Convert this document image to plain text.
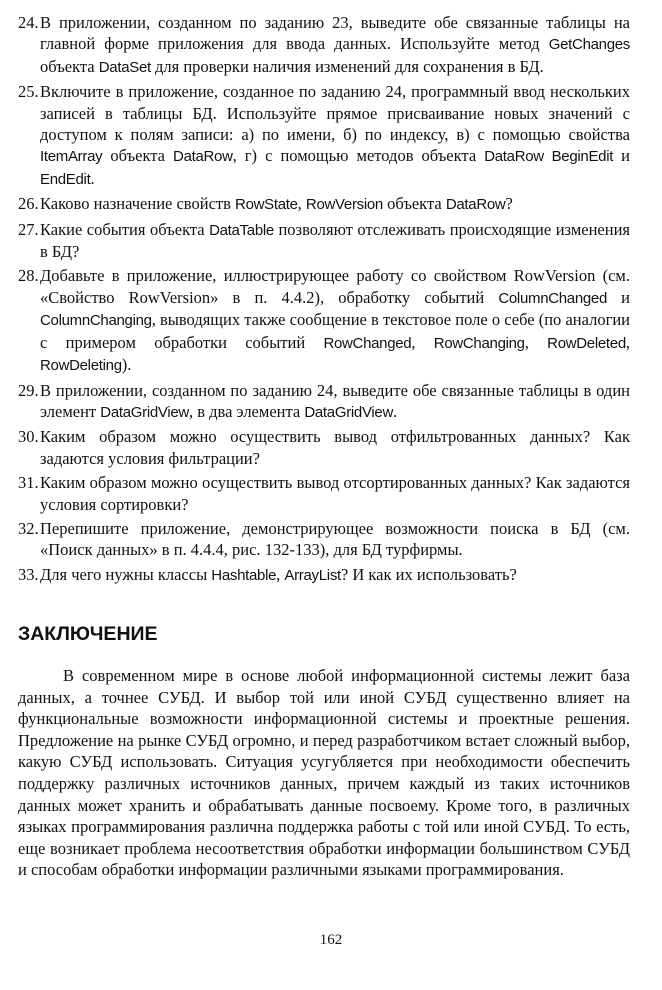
24. В приложении, созданном по заданию 23, выведите обе связанные таблицы на главной форме приложения для ввода данных. Используйте метод GetChanges объекта DataSet для проверки наличия изменений для сохранения в БД.
25. Включите в приложение, созданное по заданию 24, программный ввод нескольких записей в таблицы БД. Используйте прямое присваивание новых значений с доступом к полям записи: а) по имени, б) по индексу, в) с помощью свойства ItemArray объекта DataRow, г) с помощью методов объекта DataRow BeginEdit и EndEdit.
26. Каково назначение свойств RowState, RowVersion объекта DataRow?
27. Какие события объекта DataTable позволяют отслеживать происходящие изменения в БД?
28. Добавьте в приложение, иллюстрирующее работу со свойством RowVersion (см. «Свойство RowVersion» в п. 4.4.2), обработку событий ColumnChanged и ColumnChanging, выводящих также сообщение в текстовое поле о себе (по аналогии с примером обработки событий RowChanged, RowChanging, RowDeleted, RowDeleting).
29. В приложении, созданном по заданию 24, выведите обе связанные таблицы в один элемент DataGridView, в два элемента DataGridView.
30. Каким образом можно осуществить вывод отфильтрованных данных? Как задаются условия фильтрации?
31. Каким образом можно осуществить вывод отсортированных данных? Как задаются условия сортировки?
32. Перепишите приложение, демонстрирующее возможности поиска в БД (см. «Поиск данных» в п. 4.4.4, рис. 132-133), для БД турфирмы.
33. Для чего нужны классы Hashtable, ArrayList? И как их использовать?
ЗАКЛЮЧЕНИЕ

В современном мире в основе любой информационной системы лежит база данных, а точнее СУБД. И выбор той или иной СУБД существенно влияет на функциональные возможности информационной системы и проектные решения. Предложение на рынке СУБД огромно, и перед разработчиком встает сложный выбор, какую СУБД использовать. Ситуация усугубляется при необходимости обеспечить поддержку различных источников данных, причем каждый из таких источников данных может хранить и обрабатывать данные посвоему. Кроме того, в различных языках программирования различна поддержка работы с той или иной СУБД. То есть, еще возникает проблема несоответствия обработки информации большинством СУБД и способам обработки информации различными языками программирования.

162
